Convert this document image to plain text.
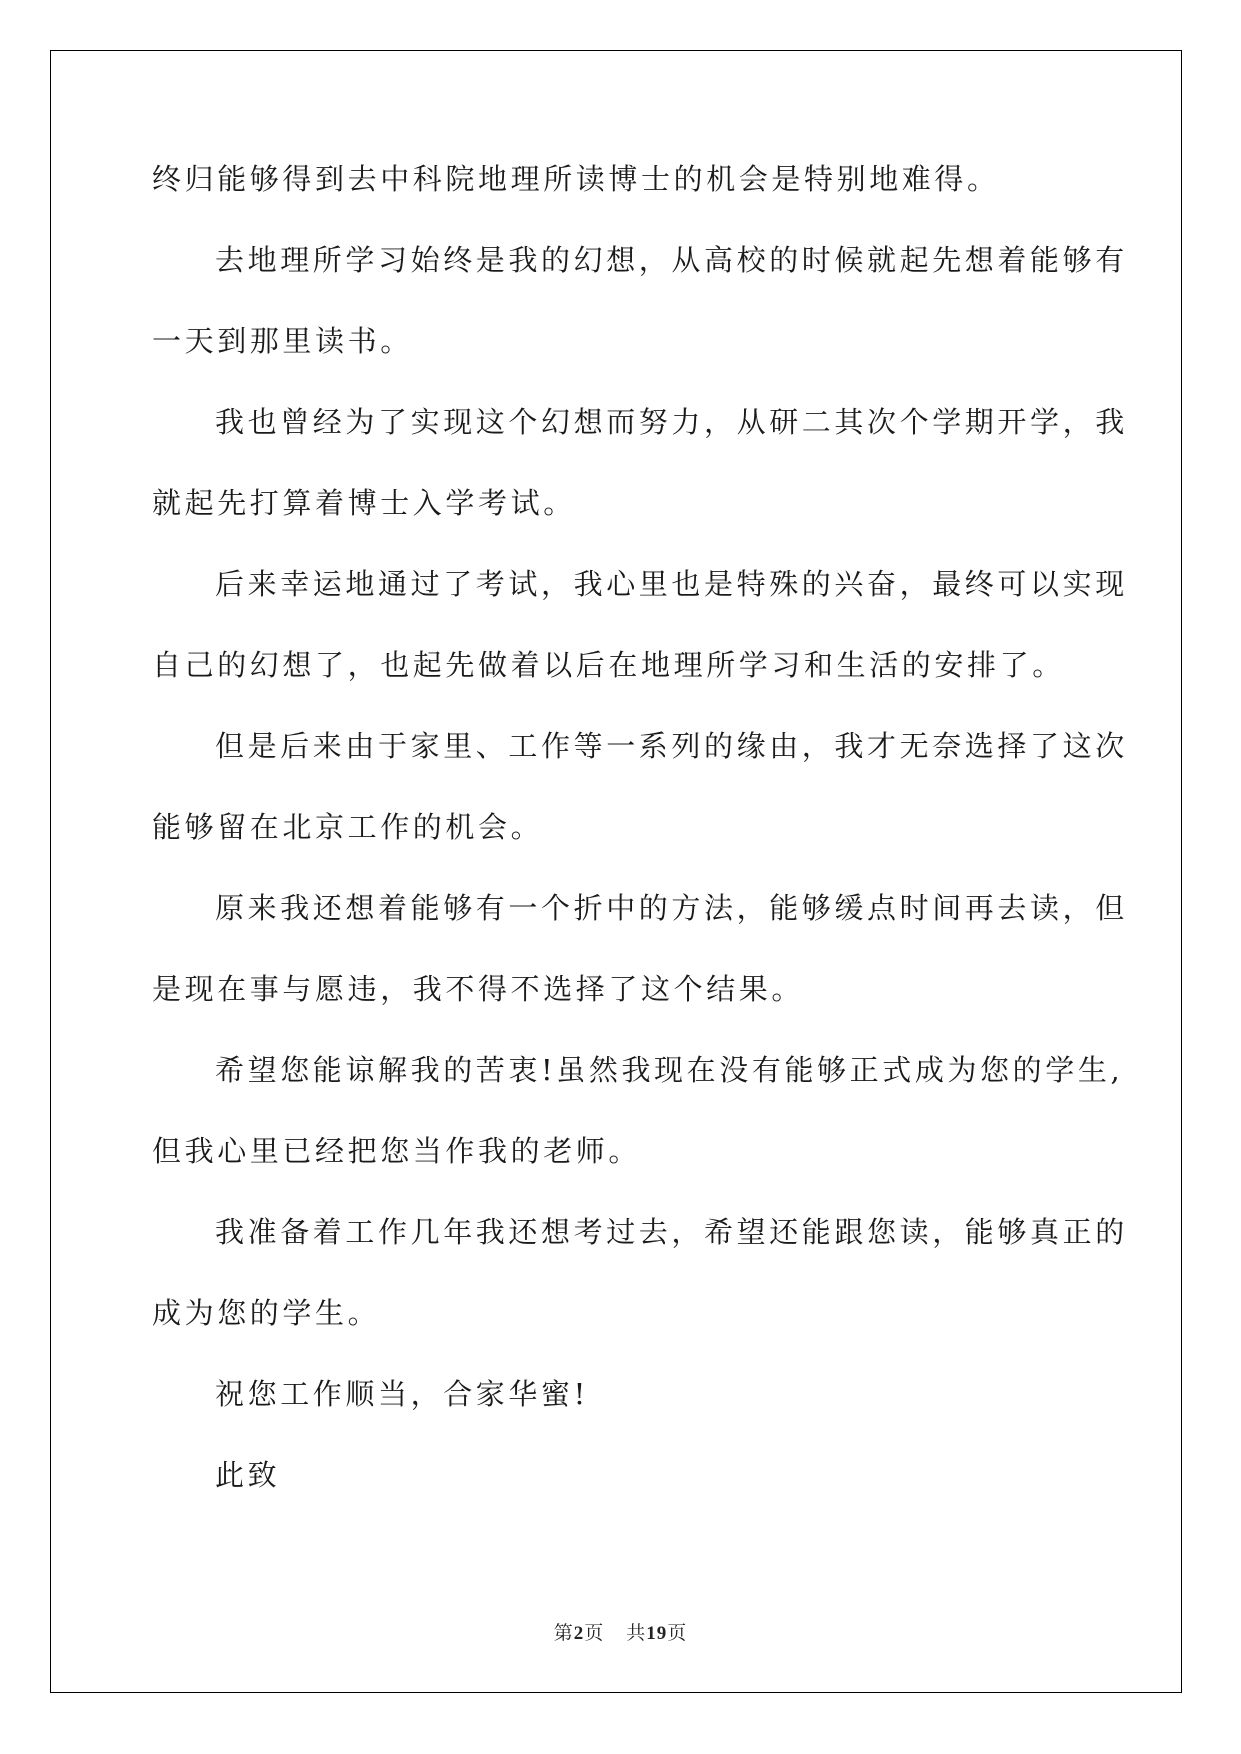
终归能够得到去中科院地理所读博士的机会是特别地难得。

去地理所学习始终是我的幻想，从高校的时候就起先想着能够有

一天到那里读书。

我也曾经为了实现这个幻想而努力，从研二其次个学期开学，我

就起先打算着博士入学考试。

后来幸运地通过了考试，我心里也是特殊的兴奋，最终可以实现

自己的幻想了，也起先做着以后在地理所学习和生活的安排了。

但是后来由于家里、工作等一系列的缘由，我才无奈选择了这次

能够留在北京工作的机会。

原来我还想着能够有一个折中的方法，能够缓点时间再去读，但

是现在事与愿违，我不得不选择了这个结果。

希望您能谅解我的苦衷!虽然我现在没有能够正式成为您的学生,

但我心里已经把您当作我的老师。

我准备着工作几年我还想考过去，希望还能跟您读，能够真正的

成为您的学生。

祝您工作顺当，合家华蜜!

此致

第2页 共19页
